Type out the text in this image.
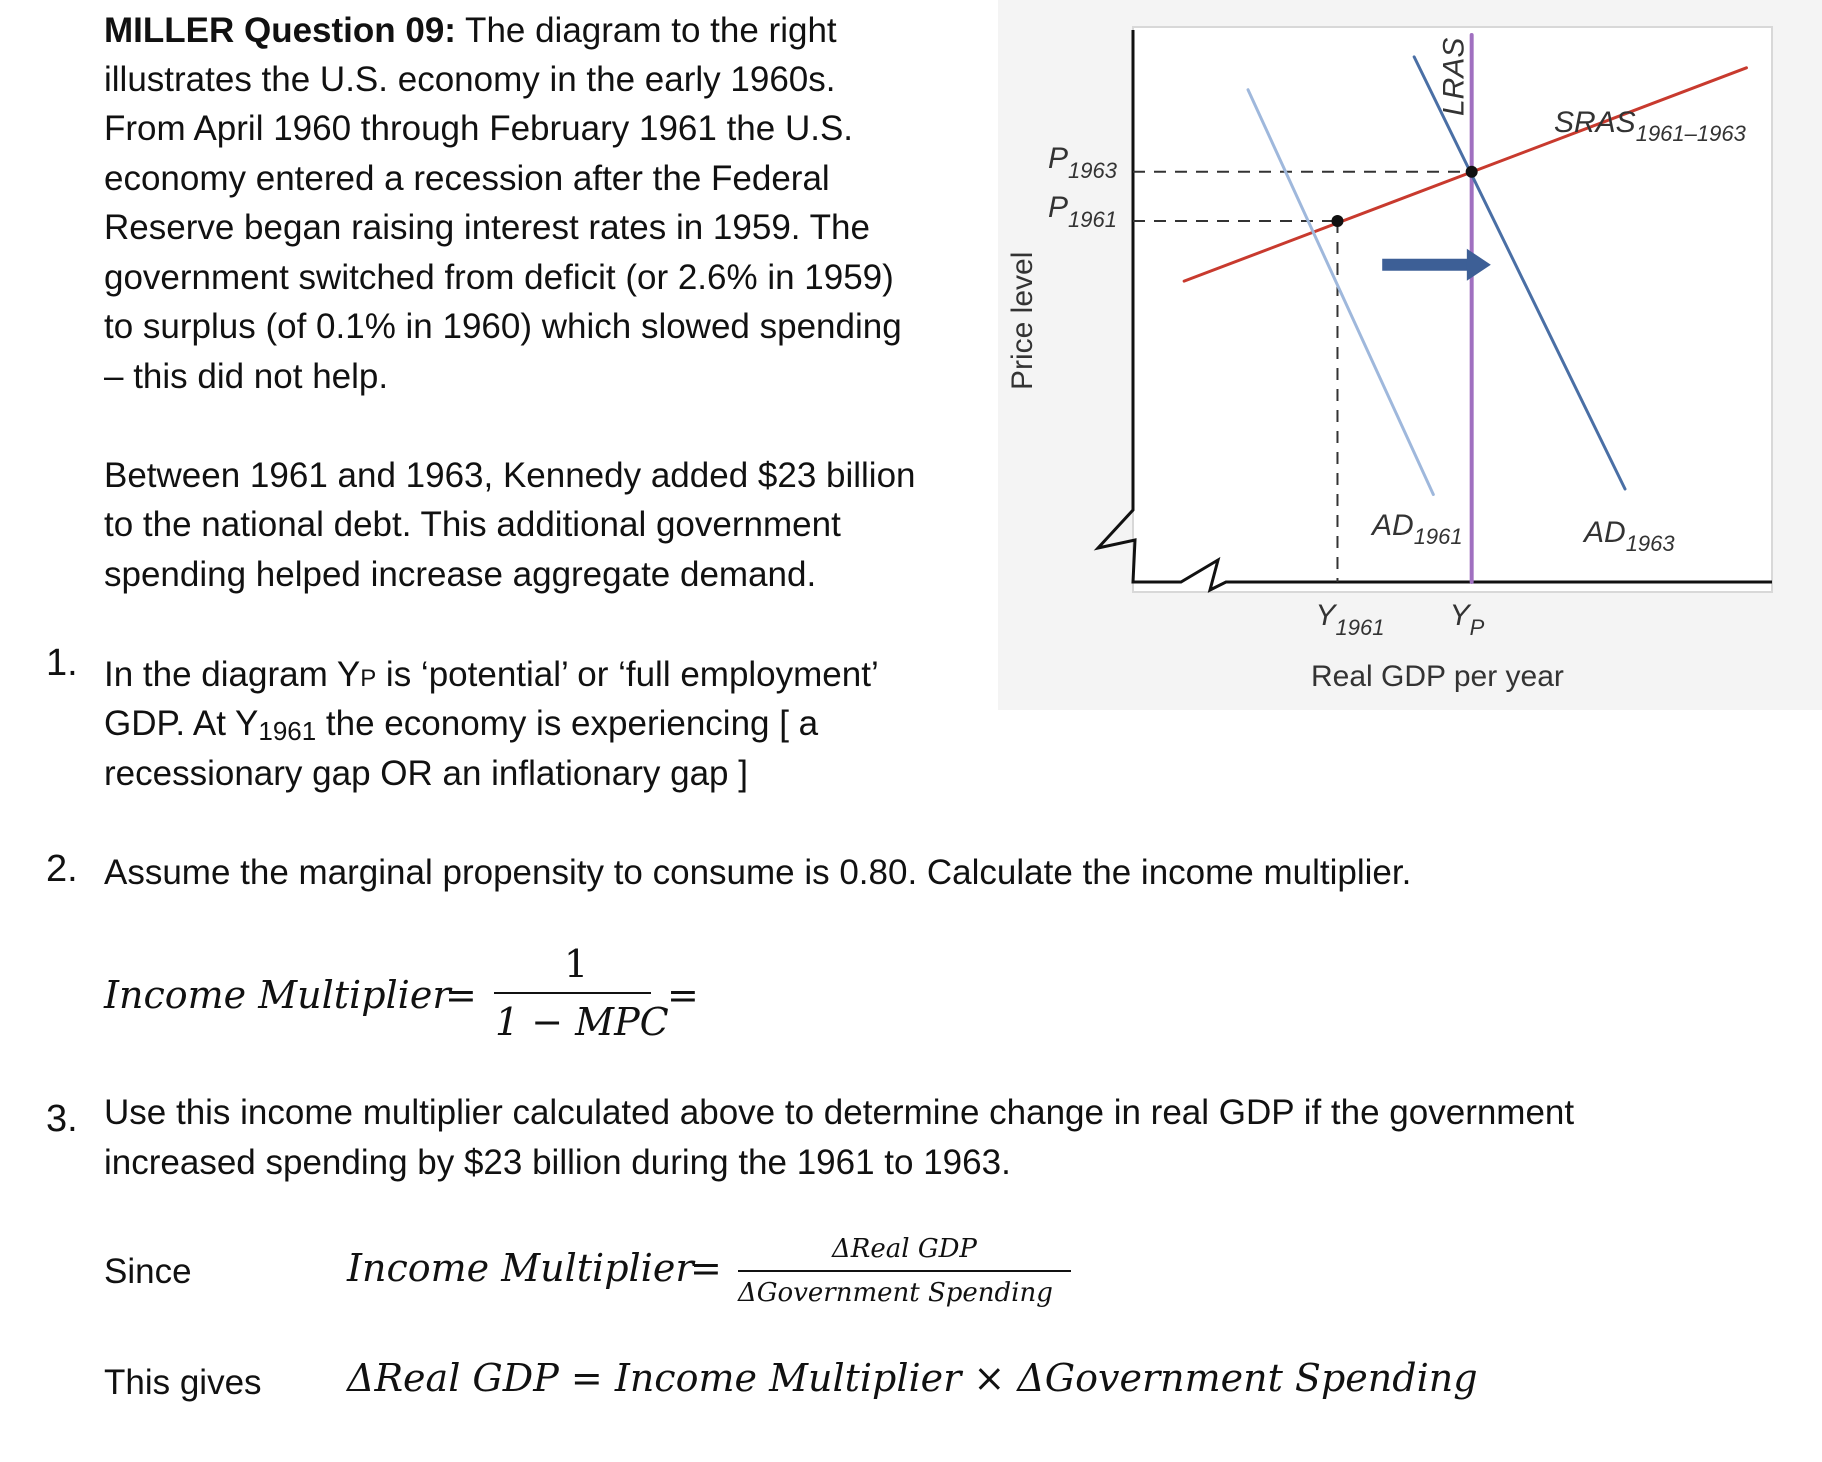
MILLER Question 09: The diagram to the right
illustrates the U.S. economy in the early 1960s.
From April 1960 through February 1961 the U.S.
economy entered a recession after the Federal
Reserve began raising interest rates in 1959. The
government switched from deficit (or 2.6% in 1959)
to surplus (of 0.1% in 1960) which slowed spending
– this did not help.
Between 1961 and 1963, Kennedy added $23 billion
to the national debt. This additional government
spending helped increase aggregate demand.
1. In the diagram YP is ‘potential’ or ‘full employment’
GDP. At Y1961 the economy is experiencing [ a
recessionary gap OR an inflationary gap ]
2. Assume the marginal propensity to consume is 0.80. Calculate the income multiplier.
Income Multiplier
=
1
1 − MPC
=
3. Use this income multiplier calculated above to determine change in real GDP if the government
increased spending by $23 billion during the 1961 to 1963.
Since	Income Multiplier
=	ΔReal GDP
ΔGovernment Spending
This gives ΔReal GDP = Income Multiplier × ΔGovernment Spending
LRAS
$SRAS_{1961-1963}$
$AD_{1961}$	$AD_{1963}$
$P_{1963}$
$P_{1961}$
$Y_{1961}$ $Y_P$
Real GDP per year
Price level
